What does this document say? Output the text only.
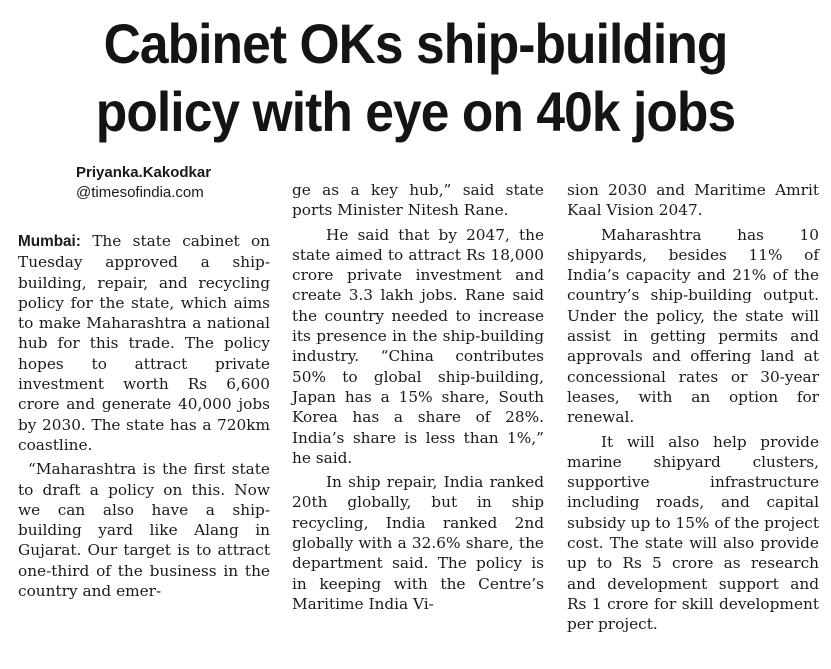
Cabinet OKs ship-building
policy with eye on 40k jobs
Priyanka.Kakodkar
@timesofindia.com

Mumbai: The state cabinet on Tuesday approved a ship-building, repair, and recycling policy for the state, which aims to make Maharashtra a national hub for this trade. The policy hopes to attract private investment worth Rs 6,600 crore and generate 40,000 jobs by 2030. The state has a 720km coastline.

“Maharashtra is the first state to draft a policy on this. Now we can also have a ship-building yard like Alang in Gujarat. Our target is to attract one-third of the business in the country and emer-

ge as a key hub,” said state ports Minister Nitesh Rane.

He said that by 2047, the state aimed to attract Rs 18,000 crore private investment and create 3.3 lakh jobs. Rane said the country needed to increase its presence in the ship-building industry. “China contributes 50% to global ship-building, Japan has a 15% share, South Korea has a share of 28%. India’s share is less than 1%,” he said.

In ship repair, India ranked 20th globally, but in ship recycling, India ranked 2nd globally with a 32.6% share, the department said. The policy is in keeping with the Centre’s Maritime India Vi-

sion 2030 and Maritime Amrit Kaal Vision 2047.

Maharashtra has 10 shipyards, besides 11% of India’s capacity and 21% of the country’s ship-building output. Under the policy, the state will assist in getting permits and approvals and offering land at concessional rates or 30-year leases, with an option for renewal.

It will also help provide marine shipyard clusters, supportive infrastructure including roads, and capital subsidy up to 15% of the project cost. The state will also provide up to Rs 5 crore as research and development support and Rs 1 crore for skill development per project.
